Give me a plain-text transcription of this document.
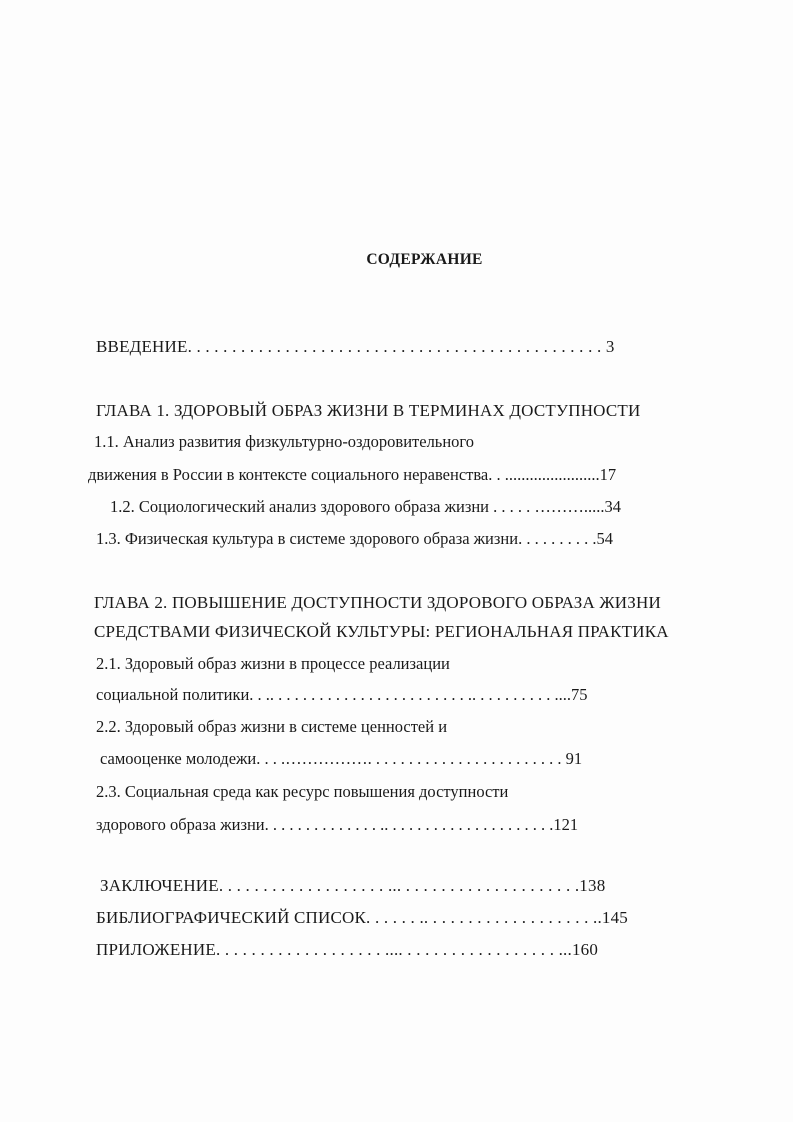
СОДЕРЖАНИЕ
ВВЕДЕНИЕ. . . . . . . . . . . . . . . . . . . . . . . . . . . . . . . . . . . . . . . . . . . . . . . 3
ГЛАВА 1. ЗДОРОВЫЙ ОБРАЗ ЖИЗНИ В ТЕРМИНАХ ДОСТУПНОСТИ
1.1. Анализ развития физкультурно-оздоровительного
движения в России в контексте социального неравенства. . .......................17
1.2. Социологический анализ здорового образа жизни . . . . . ……….....34
1.3. Физическая культура в системе здорового образа жизни. . . . . . . . . .54
ГЛАВА 2. ПОВЫШЕНИЕ ДОСТУПНОСТИ ЗДОРОВОГО ОБРАЗА ЖИЗНИ
СРЕДСТВАМИ ФИЗИЧЕСКОЙ КУЛЬТУРЫ: РЕГИОНАЛЬНАЯ ПРАКТИКА
2.1. Здоровый образ жизни в процессе реализации
социальной политики. . .. . . . . . . . . . . . . . . . . . . . . . . . .. . . . . . . . . . ....75
2.2. Здоровый образ жизни в системе ценностей и
самооценке молодежи. . . .……………. . . . . . . . . . . . . . . . . . . . . . . . 91
2.3. Социальная среда как ресурс повышения доступности
здорового образа жизни. . . . . . . . . . . . . . .. . . . . . . . . . . . . . . . . . . . .121
ЗАКЛЮЧЕНИЕ. . . . . . . . . . . . . . . . . . . ... . . . . . . . . . . . . . . . . . . . .138
БИБЛИОГРАФИЧЕСКИЙ СПИСОК. . . . . . .. . . . . . . . . . . . . . . . . . . ..145
ПРИЛОЖЕНИЕ. . . . . . . . . . . . . . . . . . . .... . . . . . . . . . . . . . . . . . ...160
